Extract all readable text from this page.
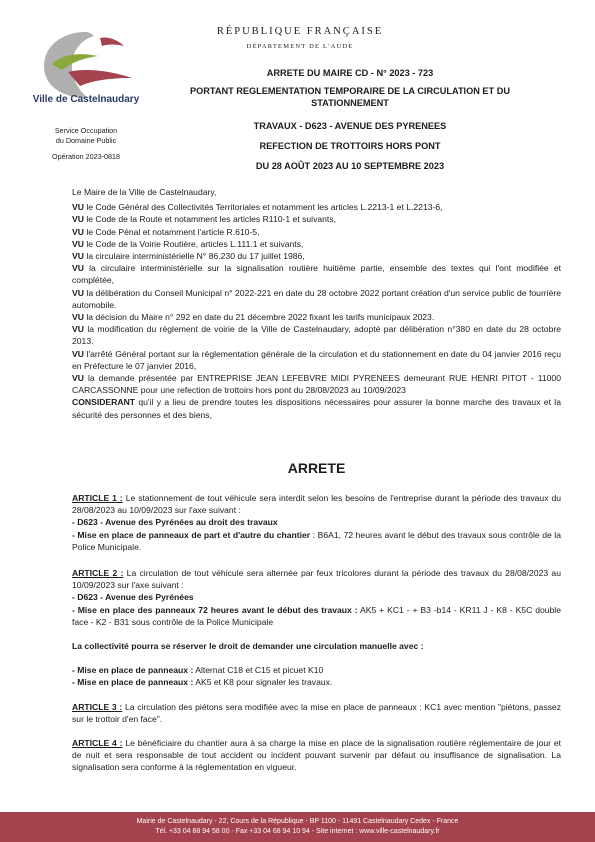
Ville de Castelnaudary
Service Occupation
du Domaine Public
Opération 2023-0818
RÉPUBLIQUE FRANÇAISE
DÉPARTEMENT DE L'AUDE
ARRETE DU MAIRE CD - N° 2023 - 723
PORTANT REGLEMENTATION TEMPORAIRE DE LA CIRCULATION ET DU
STATIONNEMENT
TRAVAUX - D623 - AVENUE DES PYRENEES
REFECTION DE TROTTOIRS HORS PONT
DU 28 AOÛT 2023 AU 10 SEPTEMBRE 2023

Le Maire de la Ville de Castelnaudary,

VU le Code Général des Collectivités Territoriales et notamment les articles L.2213-1 et L.2213-6,

VU le Code de la Route et notamment les articles R110-1 et suivants,

VU le Code Pénal et notamment l'article R.610-5,

VU le Code de la Voirie Routière, articles L.111.1 et suivants,

VU la circulaire interministérielle N° 86.230 du 17 juillet 1986,

VU la circulaire interministérielle sur la signalisation routière huitième partie, ensemble des textes qui l'ont modifiée et complétée,

VU la délibération du Conseil Municipal n° 2022-221 en date du 28 octobre 2022 portant création d'un service public de fourrière automobile.

VU la décision du Maire n° 292 en date du 21 décembre 2022 fixant les tarifs municipaux 2023.

VU la modification du règlement de voirie de la Ville de Castelnaudary, adopté par délibération n°380 en date du 28 octobre 2013.

VU l'arrêté Général portant sur la réglementation générale de la circulation et du stationnement en date du 04 janvier 2016 reçu en Préfecture le 07 janvier 2016,

VU la demande présentée par ENTREPRISE JEAN LEFEBVRE MIDI PYRENEES demeurant RUE HENRI PITOT - 11000 CARCASSONNE pour une refection de trottoirs hors pont du 28/08/2023 au 10/09/2023

CONSIDERANT qu'il y a lieu de prendre toutes les dispositions nécessaires pour assurer la bonne marche des travaux et la sécurité des personnes et des biens,

ARRETE

ARTICLE 1 : Le stationnement de tout véhicule sera interdit selon les besoins de l'entreprise durant la période des travaux du 28/08/2023 au 10/09/2023 sur l'axe suivant :

- D623 - Avenue des Pyrénées au droit des travaux

- Mise en place de panneaux de part et d'autre du chantier : B6A1, 72 heures avant le début des travaux sous contrôle de la Police Municipale.

ARTICLE 2 : La circulation de tout véhicule sera alternée par feux tricolores durant la période des travaux du 28/08/2023 au 10/09/2023 sur l'axe suivant :

- D623 - Avenue des Pyrénées

- Mise en place des panneaux 72 heures avant le début des travaux : AK5 + KC1 - + B3 -b14 - KR11 J - K8 - K5C double face - K2 - B31 sous contrôle de la Police Municipale

La collectivité pourra se réserver le droit de demander une circulation manuelle avec :

- Mise en place de panneaux : Alternat C18 et C15 et picuet K10

- Mise en place de panneaux : AK5 et K8 pour signaler les travaux.

ARTICLE 3 : La circulation des piétons sera modifiée avec la mise en place de panneaux : KC1 avec mention "piétons, passez sur le trottoir d'en face".

ARTICLE 4 : Le bénéficiaire du chantier aura à sa charge la mise en place de la signalisation routière réglementaire de jour et de nuit et sera responsable de tout accident ou incident pouvant survenir par défaut ou insuffisance de signalisation. La signalisation sera conforme à la réglementation en vigueur.

Mairie de Castelnaudary - 22, Cours de la République - BP 1100 - 11491 Castelnaudary Cedex - France
Tél. +33 04 68 94 58 00 - Fax +33 04 68 94 10 94 - Site internet : www.ville-castelnaudary.fr
